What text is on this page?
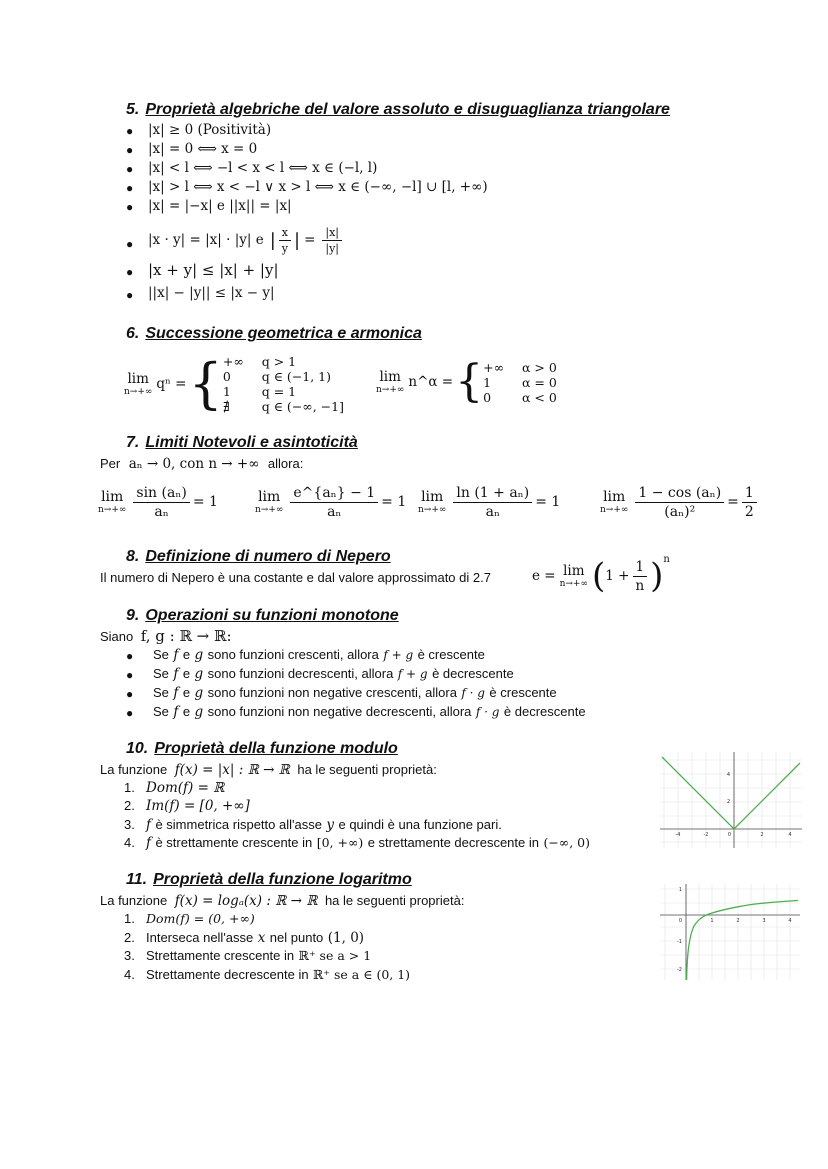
5. Proprietà algebriche del valore assoluto e disuguaglianza triangolare
● |x| ≥ 0 (Positività)
● |x| = 0 ⟺ x = 0
● |x| < l ⟺ −l < x < l ⟺ x ∈ (−l, l)
● |x| > l ⟺ x < −l ∨ x > l ⟺ x ∈ (−∞, −l] ∪ [l, +∞)
● |x| = |−x| e ||x|| = |x|
● |x · y| = |x| · |y| e | $\frac{x}{y}$ | = $\frac{|x|}{|y|}$
● |x + y| ≤ |x| + |y|
● ||x| − |y|| ≤ |x − y|
6. Successione geometrica e armonica
lim
n→+∞ qⁿ = { +∞	q > 1
0	q ∈ (−1, 1)
1	q = 1
∄	q ∈ (−∞, −1]
lim
n→+∞ n^α = { +∞	α > 0
1	α = 0
0	α < 0
7. Limiti Notevoli e asintoticità
Per aₙ → 0, con n → +∞ allora:
lim
$n\to+\infty \frac{\text{sin (aₙ)}}{\text{aₙ}} = 1$	lim
$n\to+\infty \frac{\text{e\textasciicircum{}\{aₙ\} − 1}}{\text{aₙ}} = 1$ lim
$n\to+\infty \frac{\text{ln (1 + aₙ)}}{\text{aₙ}} = 1$	lim
$n\to+\infty \frac{\text{1 − cos (aₙ)}}{\text{(aₙ)²}} = \frac{1}{2}$
8. Definizione di numero di Nepero
Il numero di Nepero è una costante e dal valore approssimato di 2.7	e = lim
n→+∞ ( $1 + \frac{1}{n}$ ) n
9. Operazioni su funzioni monotone
Siano f, g : ℝ → ℝ:
● Se f e g sono funzioni crescenti, allora f + g è crescente
● Se f e g sono funzioni decrescenti, allora f + g è decrescente
● Se f e g sono funzioni non negative crescenti, allora f · g è crescente
● Se f e g sono funzioni non negative decrescenti, allora f · g è decrescente
10. Proprietà della funzione modulo
La funzione f(x) = |x| : ℝ → ℝ ha le seguenti proprietà:
1. Dom(f) = ℝ
2. Im(f) = [0, +∞]
3. f è simmetrica rispetto all'asse y e quindi è una funzione pari.
4. f è strettamente crescente in [0, +∞) e strettamente decrescente in (−∞, 0)	-4	-2	0	2	4
2
4
11. Proprietà della funzione logaritmo
La funzione f(x) = logₐ(x) : ℝ → ℝ ha le seguenti proprietà:
1. Dom(f) = (0, +∞)
2. Interseca nell'asse x nel punto (1, 0)
3. Strettamente crescente in ℝ⁺ se a > 1
4. Strettamente decrescente in ℝ⁺ se a ∈ (0, 1)
0	1	2	3	4
1
-1
-2
